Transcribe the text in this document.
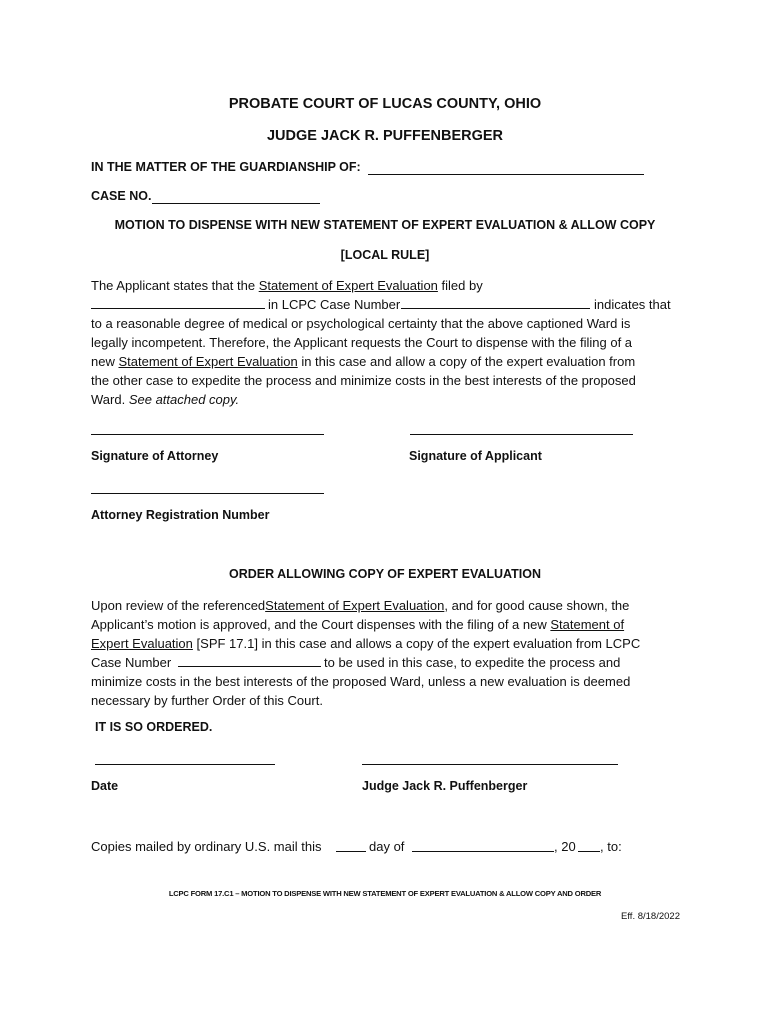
PROBATE COURT OF LUCAS COUNTY, OHIO
JUDGE JACK R. PUFFENBERGER
IN THE MATTER OF THE GUARDIANSHIP OF:
CASE NO.
MOTION TO DISPENSE WITH NEW STATEMENT OF EXPERT EVALUATION & ALLOW COPY
[LOCAL RULE]
The Applicant states that the Statement of Expert Evaluation filed by
in LCPC Case Number	indicates that
to a reasonable degree of medical or psychological certainty that the above captioned Ward is
legally incompetent. Therefore, the Applicant requests the Court to dispense with the filing of a
new Statement of Expert Evaluation in this case and allow a copy of the expert evaluation from
the other case to expedite the process and minimize costs in the best interests of the proposed
Ward. See attached copy.
Signature of Attorney	Signature of Applicant
Attorney Registration Number
ORDER ALLOWING COPY OF EXPERT EVALUATION
Upon review of the referencedStatement of Expert Evaluation, and for good cause shown, the
Applicant’s motion is approved, and the Court dispenses with the filing of a new Statement of
Expert Evaluation [SPF 17.1] in this case and allows a copy of the expert evaluation from LCPC
Case Number	to be used in this case, to expedite the process and
minimize costs in the best interests of the proposed Ward, unless a new evaluation is deemed
necessary by further Order of this Court.
IT IS SO ORDERED.
Date	Judge Jack R. Puffenberger
Copies mailed by ordinary U.S. mail this	day of	, 20 , to:
LCPC FORM 17.C1 – MOTION TO DISPENSE WITH NEW STATEMENT OF EXPERT EVALUATION & ALLOW COPY AND ORDER
Eff. 8/18/2022
